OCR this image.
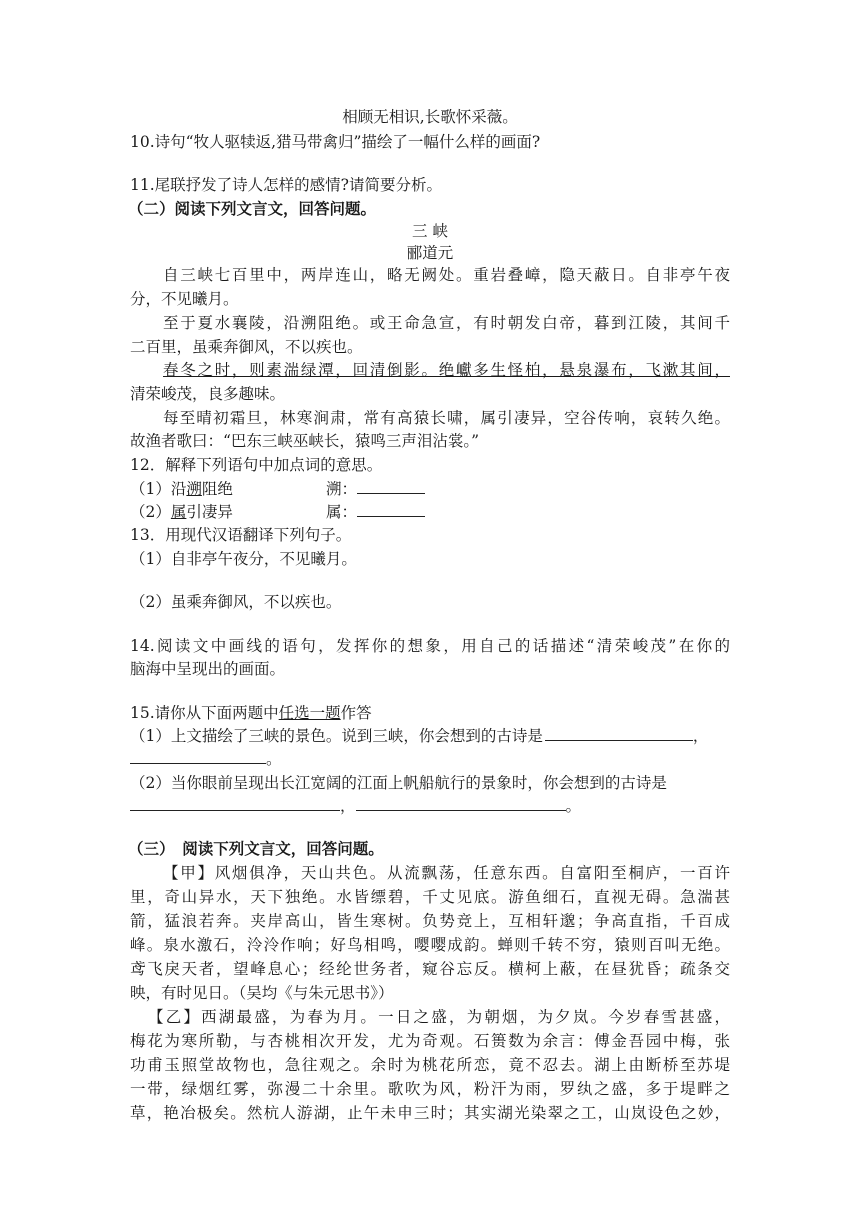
相顾无相识,长歌怀采薇。
10.诗句“牧人驱犊返,猎马带禽归”描绘了一幅什么样的画面?
11.尾联抒发了诗人怎样的感情?请简要分析。
（二）阅读下列文言文，回答问题。
三 峡
郦道元
自三峡七百里中，两岸连山，略无阙处。重岩叠嶂，隐天蔽日。自非亭午夜
分，不见曦月。
至于夏水襄陵，沿溯阻绝。或王命急宣，有时朝发白帝，暮到江陵，其间千
二百里，虽乘奔御风，不以疾也。
春冬之时，则素湍绿潭，回清倒影。绝巘多生怪柏，悬泉瀑布，飞漱其间，
清荣峻茂，良多趣味。
每至晴初霜旦，林寒涧肃，常有高猿长啸，属引凄异，空谷传响，哀转久绝。
故渔者歌曰：“巴东三峡巫峡长，猿鸣三声泪沾裳。”
12．解释下列语句中加点词的意思。
（1）沿溯阻绝	溯：
（2）属引凄异	属：
13．用现代汉语翻译下列句子。
（1）自非亭午夜分，不见曦月。
（2）虽乘奔御风，不以疾也。
14.阅读文中画线的语句，发挥你的想象，用自己的话描述“清荣峻茂”在你的
脑海中呈现出的画面。
15.请你从下面两题中任选一题作答
（1）上文描绘了三峡的景色。说到三峡，你会想到的古诗是	，
。
（2）当你眼前呈现出长江宽阔的江面上帆船航行的景象时，你会想到的古诗是
，	。
（三）　阅读下列文言文，回答问题。
【甲】风烟俱净，天山共色。从流飘荡，任意东西。自富阳至桐庐，一百许
里，奇山异水，天下独绝。水皆缥碧，千丈见底。游鱼细石，直视无碍。急湍甚
箭，猛浪若奔。夹岸高山，皆生寒树。负势竞上，互相轩邈；争高直指，千百成
峰。泉水激石，泠泠作响；好鸟相鸣，嘤嘤成韵。蝉则千转不穷，猿则百叫无绝。
鸢飞戾天者，望峰息心；经纶世务者，窥谷忘反。横柯上蔽，在昼犹昏；疏条交
映，有时见日。（吴均《与朱元思书》）
【乙】西湖最盛，为春为月。一日之盛，为朝烟，为夕岚。今岁春雪甚盛，
梅花为寒所勒，与杏桃相次开发，尤为奇观。石篑数为余言：傅金吾园中梅，张
功甫玉照堂故物也，急往观之。余时为桃花所恋，竟不忍去。湖上由断桥至苏堤
一带，绿烟红雾，弥漫二十余里。歌吹为风，粉汗为雨，罗纨之盛，多于堤畔之
草，艳冶极矣。然杭人游湖，止午未申三时；其实湖光染翠之工，山岚设色之妙，
